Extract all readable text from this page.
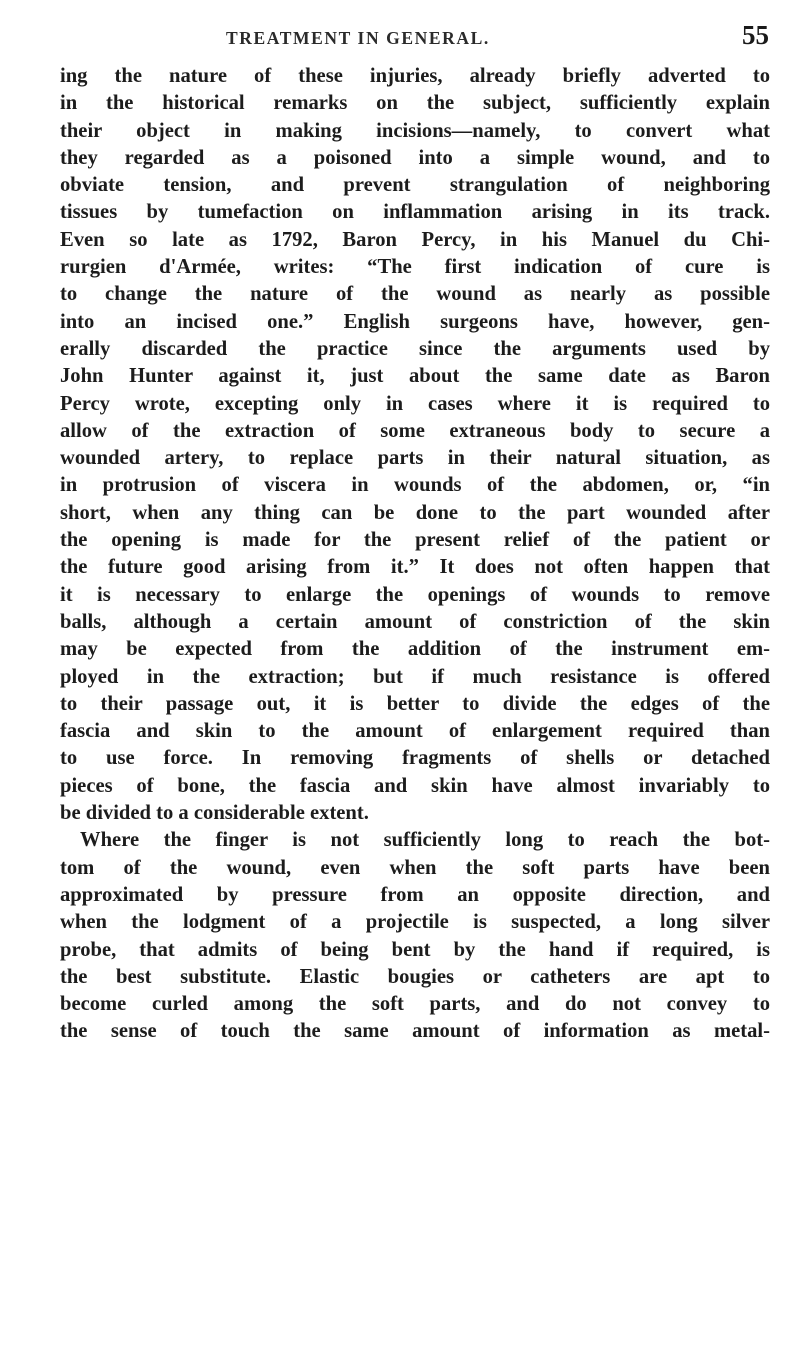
TREATMENT IN GENERAL.	55
ing the nature of these injuries, already briefly adverted to
in the historical remarks on the subject, sufficiently explain
their object in making incisions—namely, to convert what
they regarded as a poisoned into a simple wound, and to
obviate tension, and prevent strangulation of neighboring
tissues by tumefaction on inflammation arising in its track.
Even so late as 1792, Baron Percy, in his Manuel du Chi-
rurgien d'Armée, writes: “The first indication of cure is
to change the nature of the wound as nearly as possible
into an incised one.” English surgeons have, however, gen-
erally discarded the practice since the arguments used by
John Hunter against it, just about the same date as Baron
Percy wrote, excepting only in cases where it is required to
allow of the extraction of some extraneous body to secure a
wounded artery, to replace parts in their natural situation, as
in protrusion of viscera in wounds of the abdomen, or, “in
short, when any thing can be done to the part wounded after
the opening is made for the present relief of the patient or
the future good arising from it.” It does not often happen that
it is necessary to enlarge the openings of wounds to remove
balls, although a certain amount of constriction of the skin
may be expected from the addition of the instrument em-
ployed in the extraction; but if much resistance is offered
to their passage out, it is better to divide the edges of the
fascia and skin to the amount of enlargement required than
to use force. In removing fragments of shells or detached
pieces of bone, the fascia and skin have almost invariably to
be divided to a considerable extent.
Where the finger is not sufficiently long to reach the bot-
tom of the wound, even when the soft parts have been
approximated by pressure from an opposite direction, and
when the lodgment of a projectile is suspected, a long silver
probe, that admits of being bent by the hand if required, is
the best substitute. Elastic bougies or catheters are apt to
become curled among the soft parts, and do not convey to
the sense of touch the same amount of information as metal-
